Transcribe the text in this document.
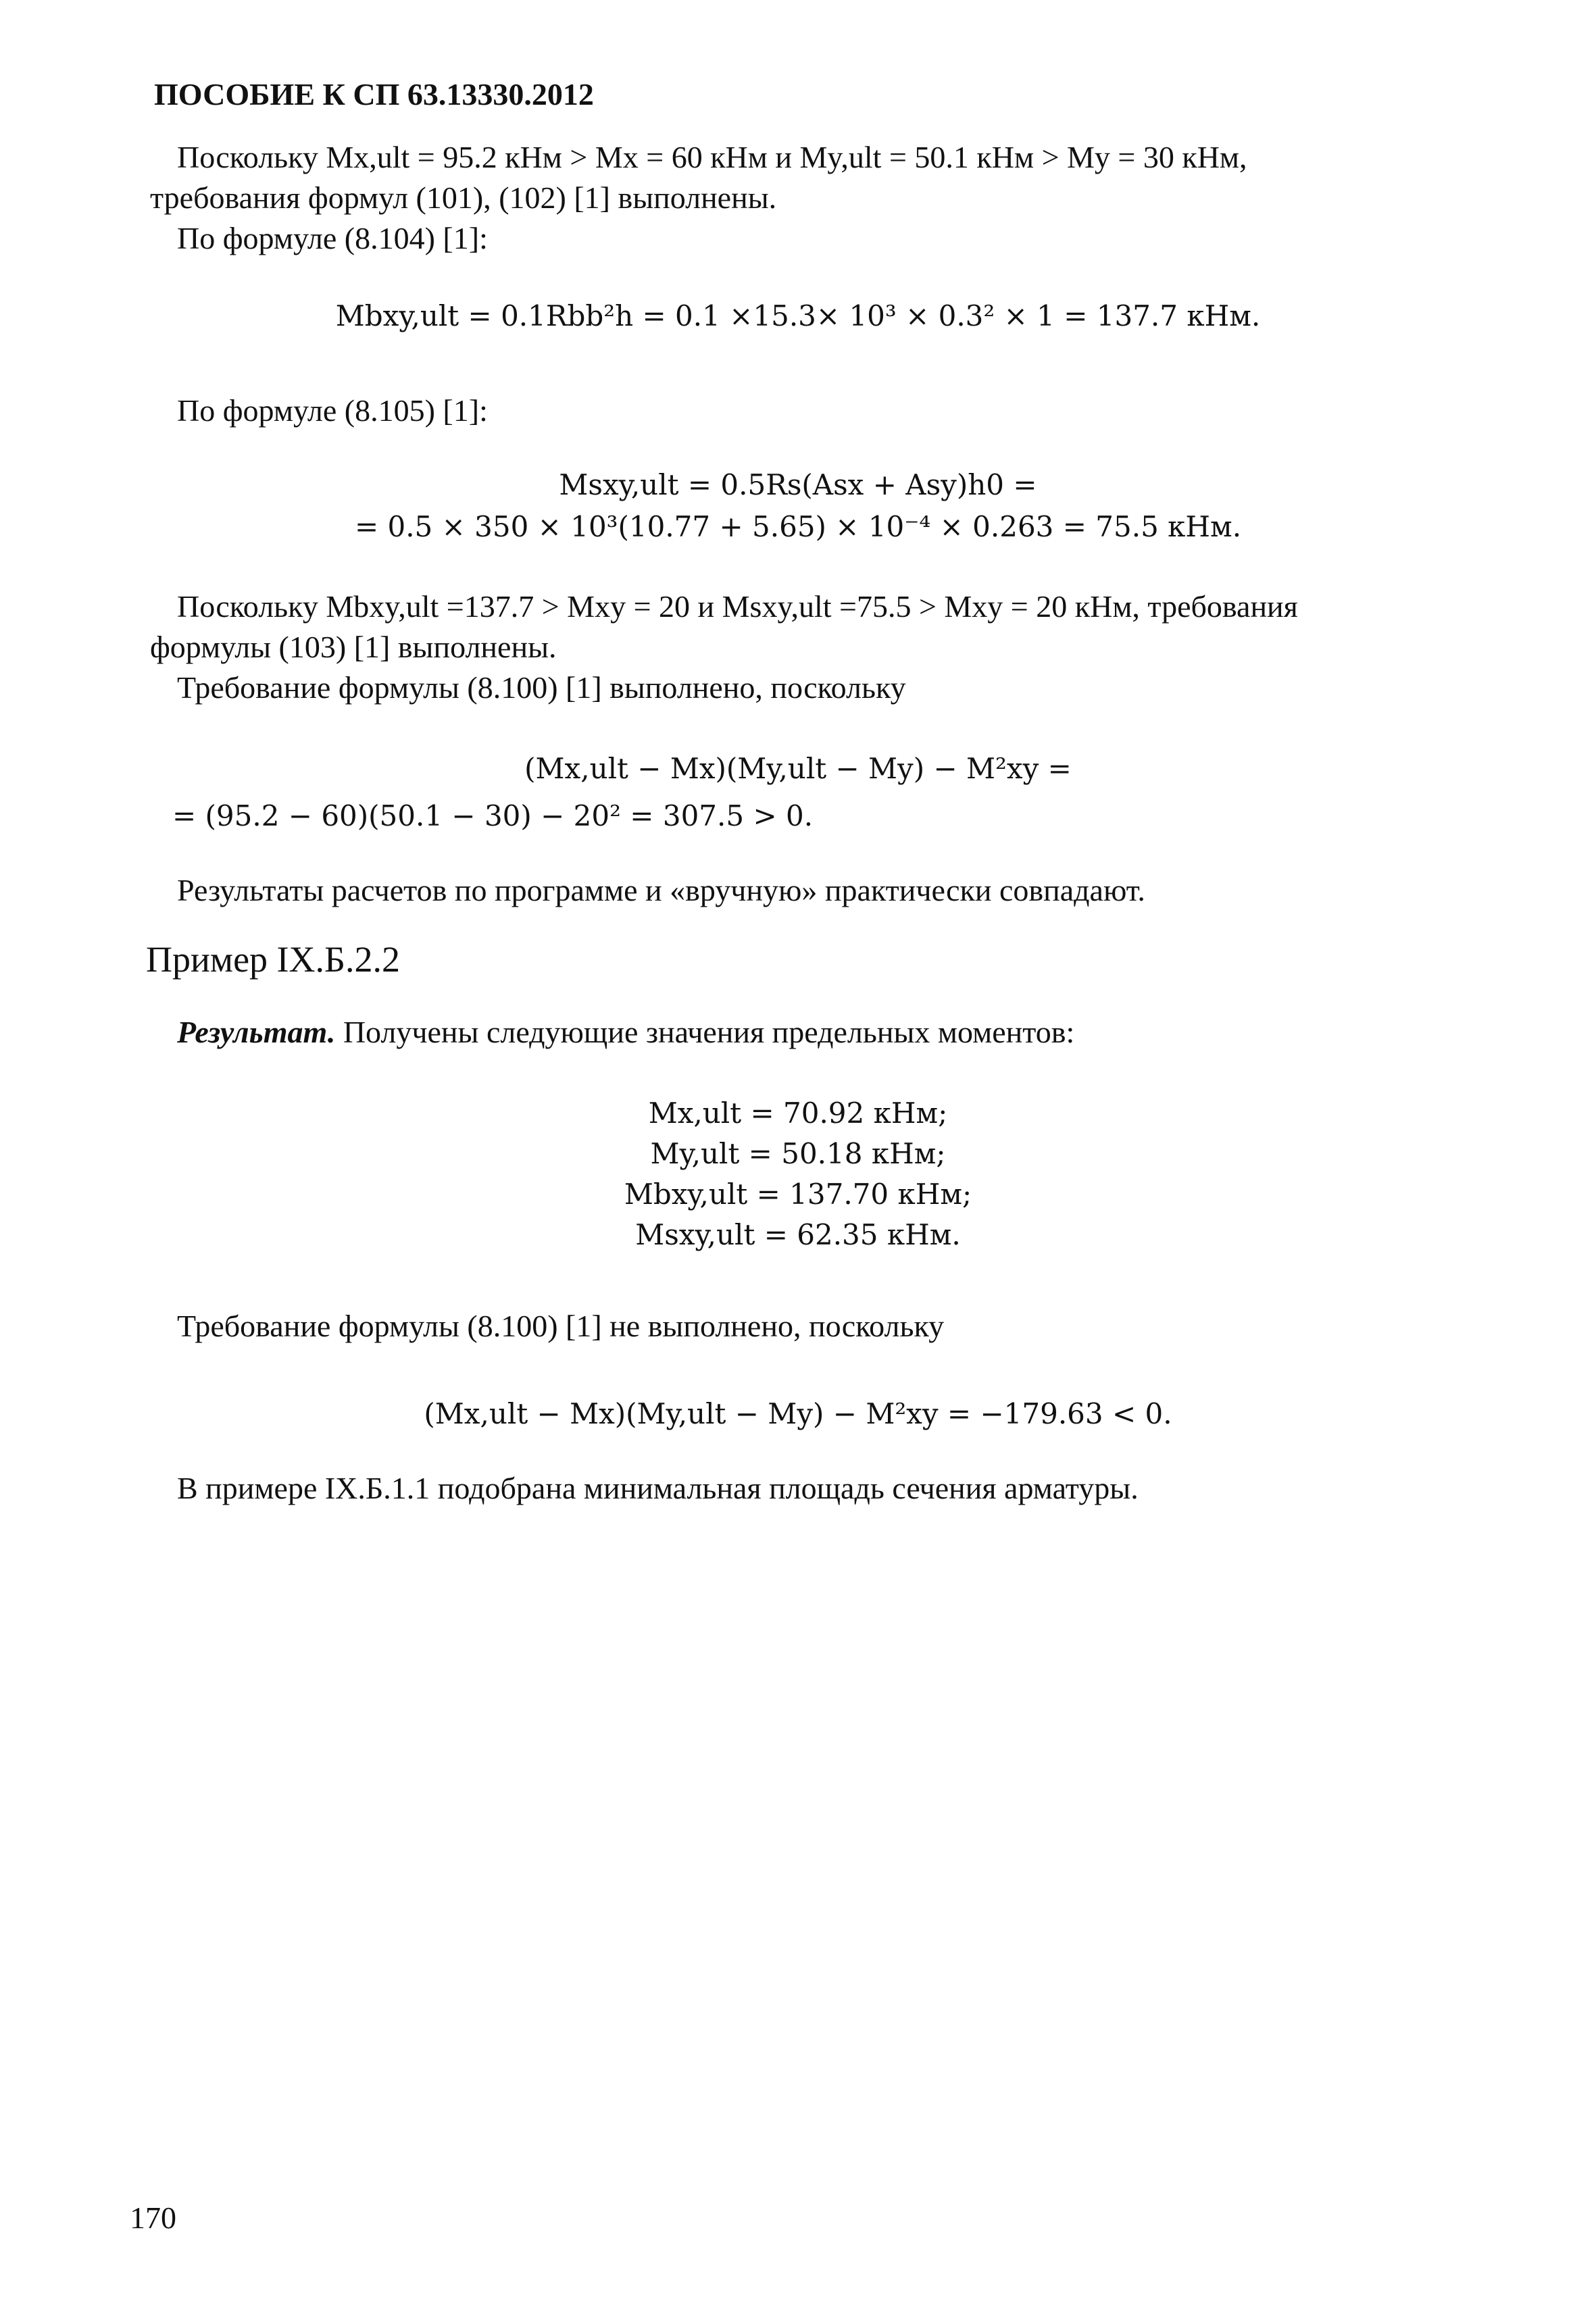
ПОСОБИЕ К СП 63.13330.2012
Поскольку Mx,ult = 95.2 кНм > Mx = 60 кНм и My,ult = 50.1 кНм > My = 30 кНм,
требования формул (101), (102) [1] выполнены.
По формуле (8.104) [1]:
Mbxy,ult = 0.1Rbb²h = 0.1 ×15.3× 10³ × 0.3² × 1 = 137.7 кНм.
По формуле (8.105) [1]:
Msxy,ult = 0.5Rs(Asx + Asy)h0 =
= 0.5 × 350 × 10³(10.77 + 5.65) × 10⁻⁴ × 0.263 = 75.5 кНм.
Поскольку Mbxy,ult =137.7 > Mxy = 20 и Msxy,ult =75.5 > Mxy = 20 кНм, требования
формулы (103) [1] выполнены.
Требование формулы (8.100) [1] выполнено, поскольку
(Mx,ult − Mx)(My,ult − My) − M²xy =
= (95.2 − 60)(50.1 − 30) − 20² = 307.5 > 0.
Результаты расчетов по программе и «вручную» практически совпадают.
Пример IX.Б.2.2
Результат. Получены следующие значения предельных моментов:
Mx,ult = 70.92 кНм;
My,ult = 50.18 кНм;
Mbxy,ult = 137.70 кНм;
Msxy,ult = 62.35 кНм.
Требование формулы (8.100) [1] не выполнено, поскольку
(Mx,ult − Mx)(My,ult − My) − M²xy = −179.63 < 0.
В примере IX.Б.1.1 подобрана минимальная площадь сечения арматуры.
170
